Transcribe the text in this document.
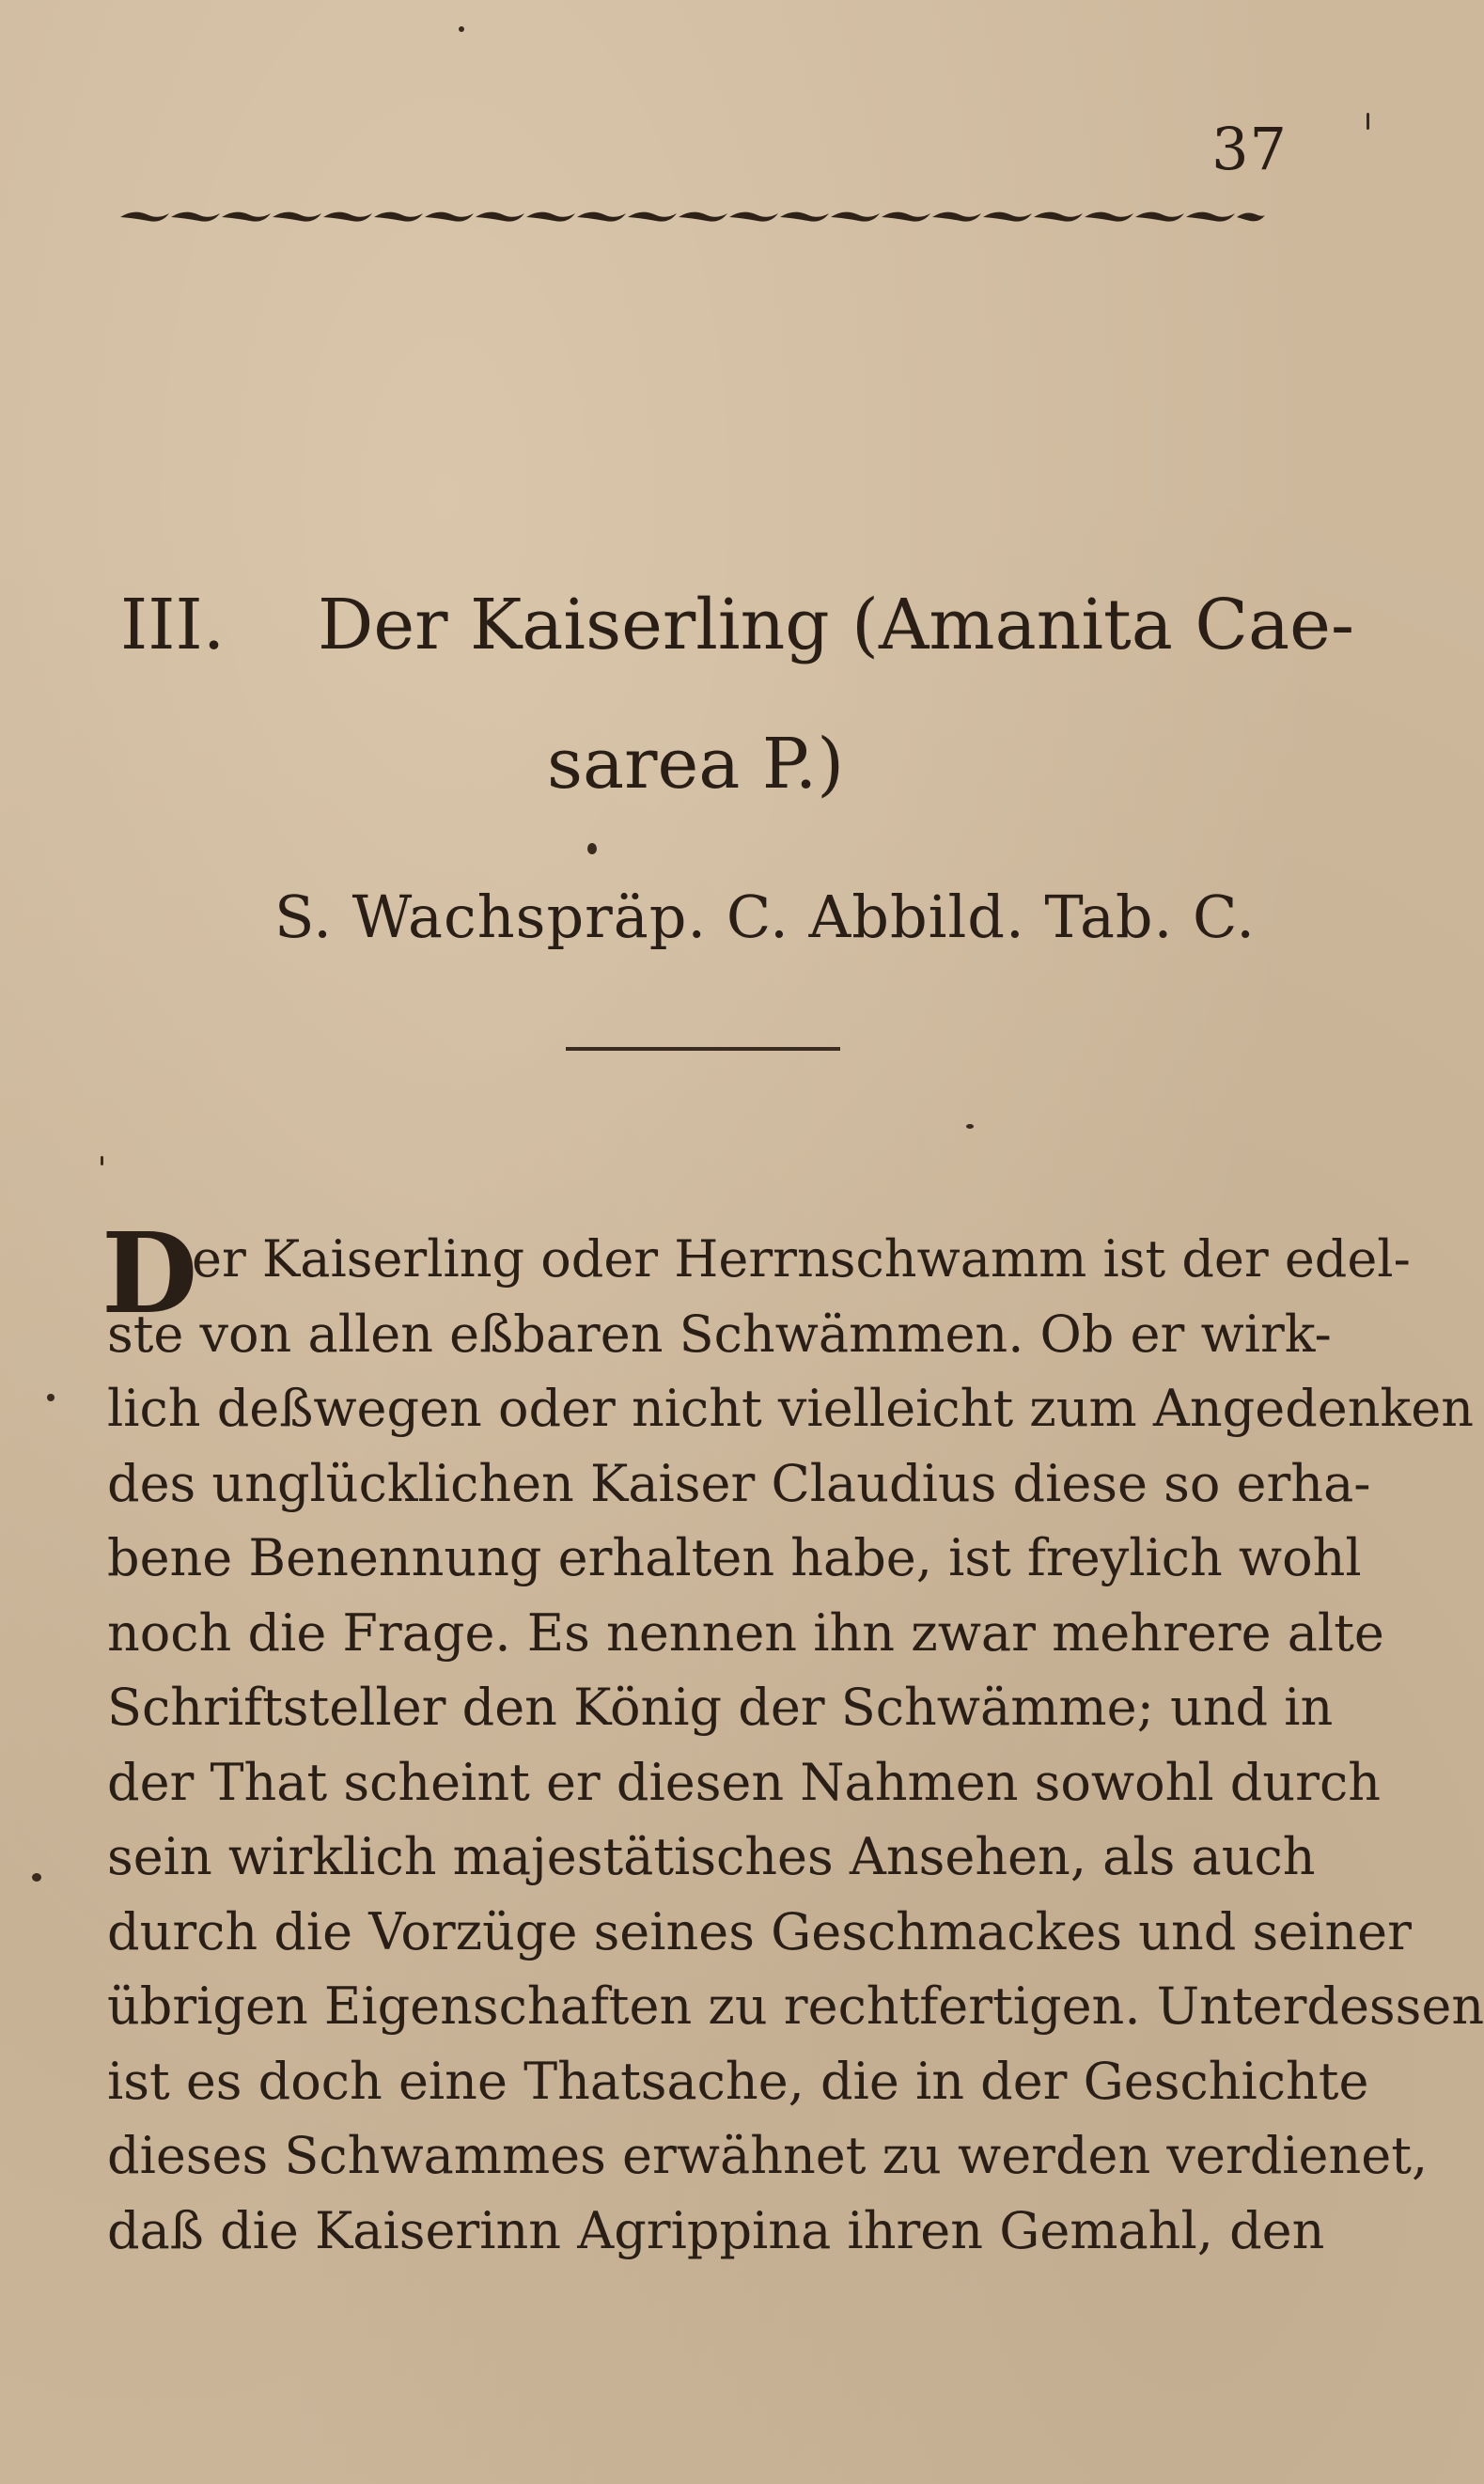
37
III. Der Kaiserling (Amanita Cae-
sarea P.)
S. Wachspräp. C. Abbild. Tab. C.
D
er Kaiserling oder Herrnschwamm ist der edel-
ste von allen eßbaren Schwämmen. Ob er wirk-
lich deßwegen oder nicht vielleicht zum Angedenken
des unglücklichen Kaiser Claudius diese so erha-
bene Benennung erhalten habe, ist freylich wohl
noch die Frage. Es nennen ihn zwar mehrere alte
Schriftsteller den König der Schwämme; und in
der That scheint er diesen Nahmen sowohl durch
sein wirklich majestätisches Ansehen, als auch
durch die Vorzüge seines Geschmackes und seiner
übrigen Eigenschaften zu rechtfertigen. Unterdessen
ist es doch eine Thatsache, die in der Geschichte
dieses Schwammes erwähnet zu werden verdienet,
daß die Kaiserinn Agrippina ihren Gemahl, den
